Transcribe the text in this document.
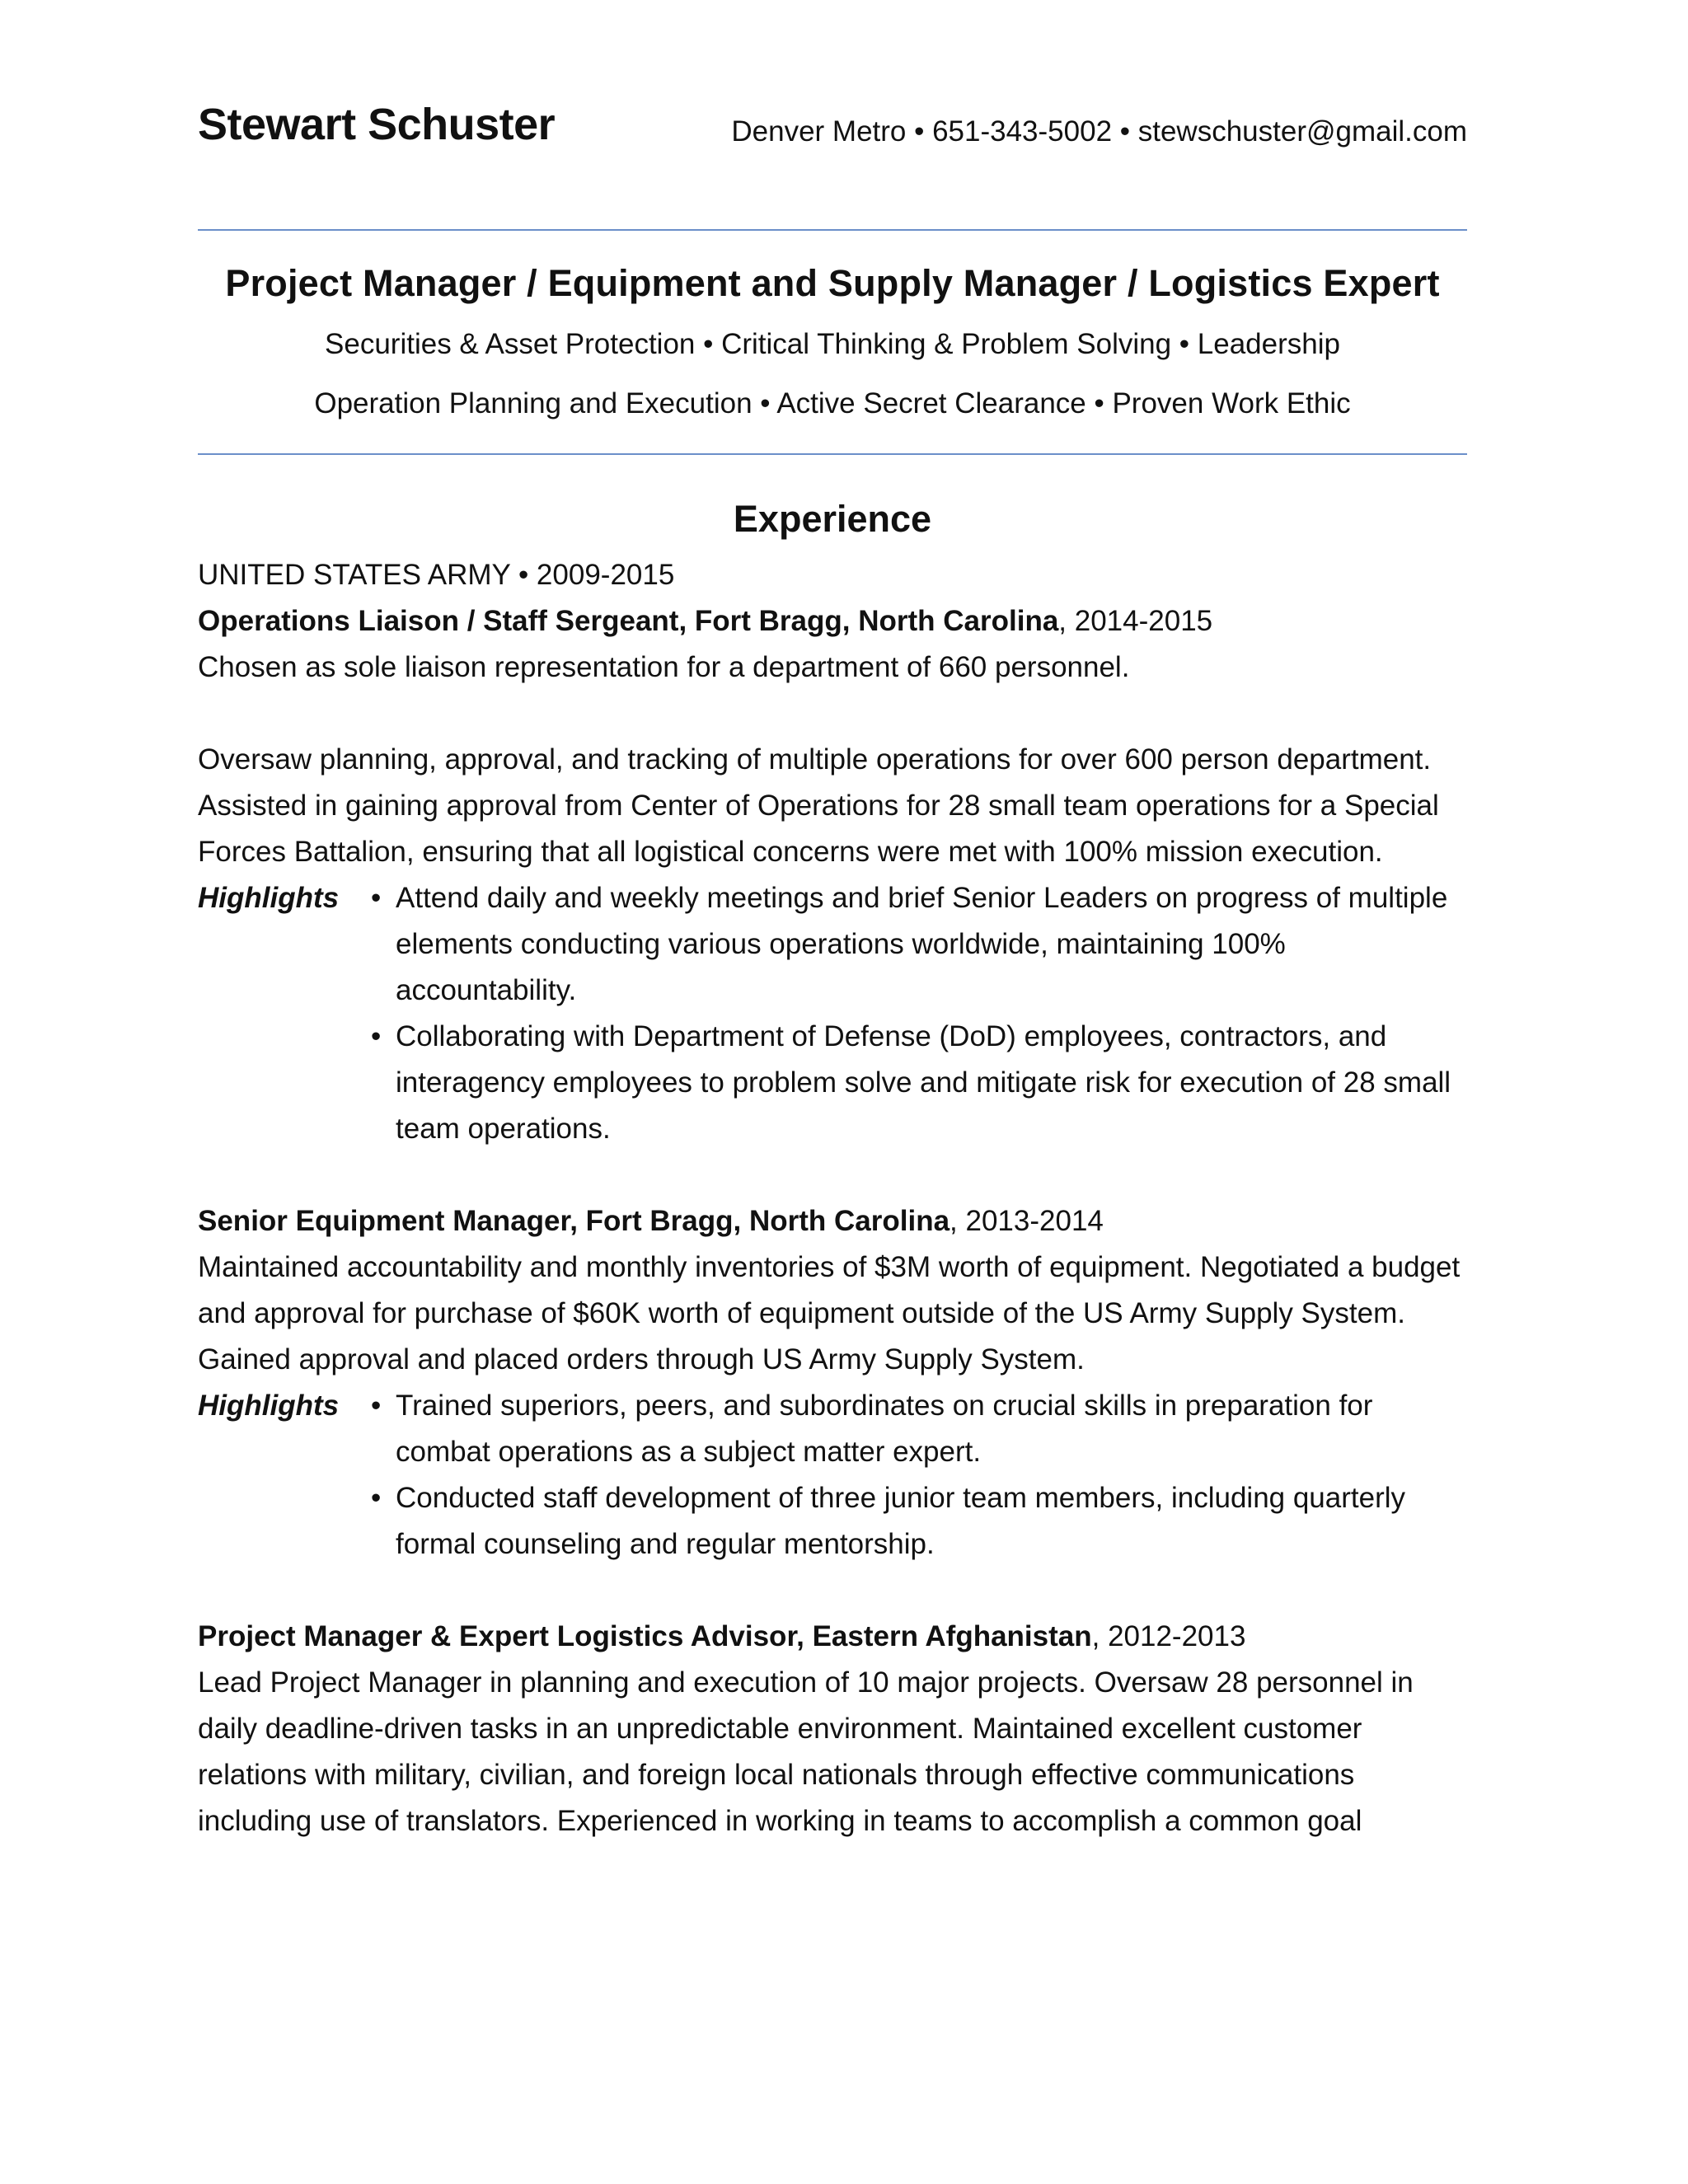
Stewart Schuster	Denver Metro • 651-343-5002 • stewschuster@gmail.com
Project Manager / Equipment and Supply Manager / Logistics Expert
Securities & Asset Protection • Critical Thinking & Problem Solving • Leadership
Operation Planning and Execution • Active Secret Clearance • Proven Work Ethic
Experience
UNITED STATES ARMY • 2009-2015
Operations Liaison / Staff Sergeant, Fort Bragg, North Carolina, 2014-2015
Chosen as sole liaison representation for a department of 660 personnel.
Oversaw planning, approval, and tracking of multiple operations for over 600 person department. Assisted in gaining approval from Center of Operations for 28 small team operations for a Special Forces Battalion, ensuring that all logistical concerns were met with 100% mission execution.
Highlights	• Attend daily and weekly meetings and brief Senior Leaders on progress of multiple elements conducting various operations worldwide, maintaining 100% accountability.
• Collaborating with Department of Defense (DoD) employees, contractors, and interagency employees to problem solve and mitigate risk for execution of 28 small team operations.
Senior Equipment Manager, Fort Bragg, North Carolina, 2013-2014
Maintained accountability and monthly inventories of $3M worth of equipment. Negotiated a budget and approval for purchase of $60K worth of equipment outside of the US Army Supply System. Gained approval and placed orders through US Army Supply System.
Highlights	• Trained superiors, peers, and subordinates on crucial skills in preparation for combat operations as a subject matter expert.
• Conducted staff development of three junior team members, including quarterly formal counseling and regular mentorship.
Project Manager & Expert Logistics Advisor, Eastern Afghanistan, 2012-2013
Lead Project Manager in planning and execution of 10 major projects. Oversaw 28 personnel in daily deadline-driven tasks in an unpredictable environment. Maintained excellent customer relations with military, civilian, and foreign local nationals through effective communications including use of translators. Experienced in working in teams to accomplish a common goal
